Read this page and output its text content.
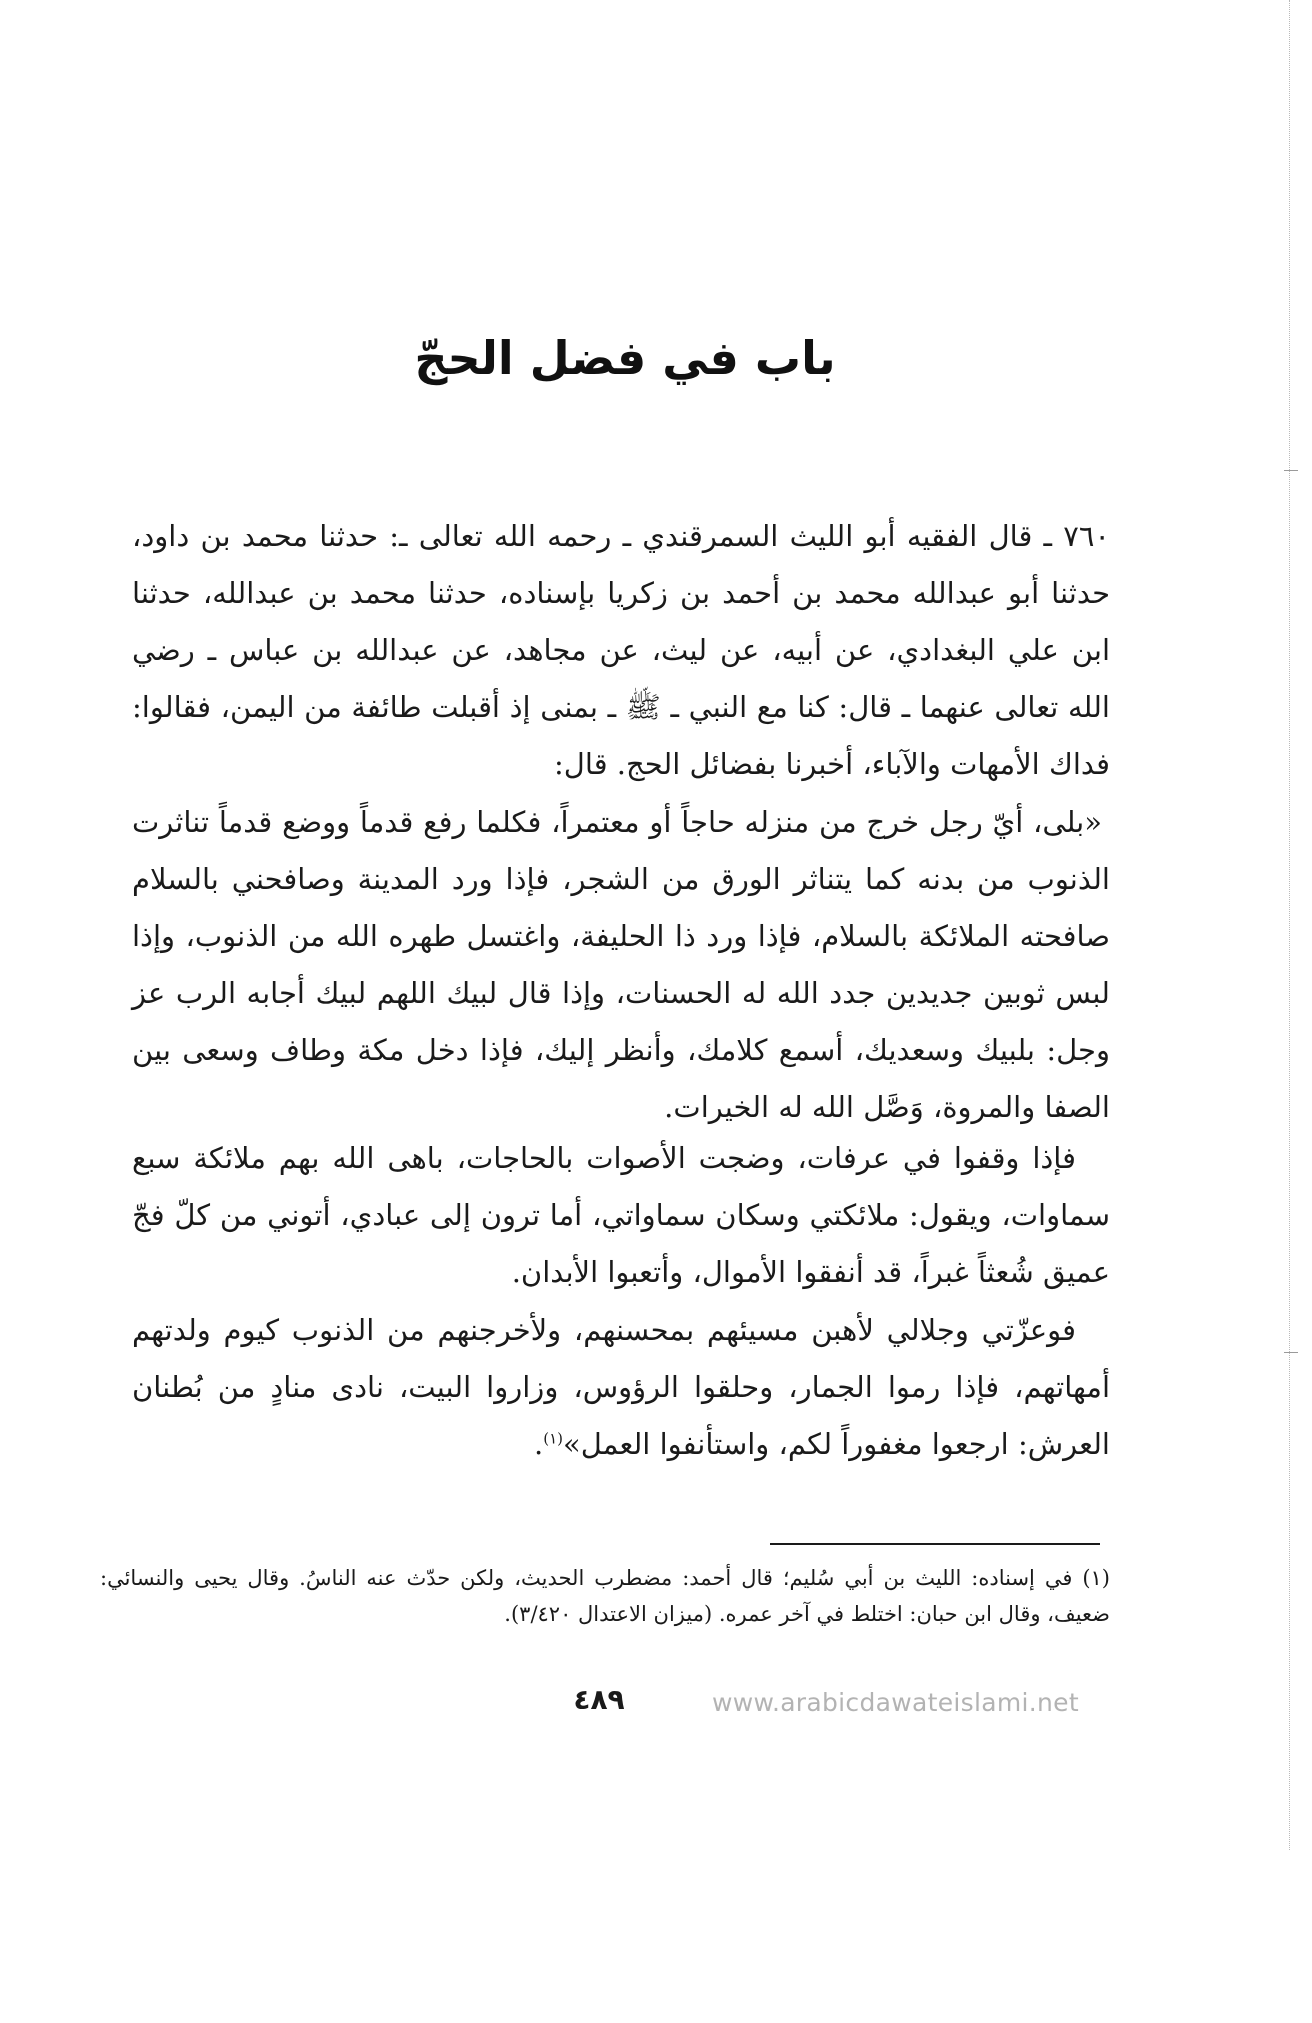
باب في فضل الحجّ

٧٦٠ ـ قال الفقيه أبو الليث السمرقندي ـ رحمه الله تعالى ـ: حدثنا محمد بن داود، حدثنا أبو عبدالله محمد بن أحمد بن زكريا بإسناده، حدثنا محمد بن عبدالله، حدثنا ابن علي البغدادي، عن أبيه، عن ليث، عن مجاهد، عن عبدالله بن عباس ـ رضي الله تعالى عنهما ـ قال: كنا مع النبي ـ ﷺ ـ بمنى إذ أقبلت طائفة من اليمن، فقالوا: فداك الأمهات والآباء، أخبرنا بفضائل الحج. قال:

«بلى، أيّ رجل خرج من منزله حاجاً أو معتمراً، فكلما رفع قدماً ووضع قدماً تناثرت الذنوب من بدنه كما يتناثر الورق من الشجر، فإذا ورد المدينة وصافحني بالسلام صافحته الملائكة بالسلام، فإذا ورد ذا الحليفة، واغتسل طهره الله من الذنوب، وإذا لبس ثوبين جديدين جدد الله له الحسنات، وإذا قال لبيك اللهم لبيك أجابه الرب عز وجل: بلبيك وسعديك، أسمع كلامك، وأنظر إليك، فإذا دخل مكة وطاف وسعى بين الصفا والمروة، وَصَّل الله له الخيرات.

فإذا وقفوا في عرفات، وضجت الأصوات بالحاجات، باهى الله بهم ملائكة سبع سماوات، ويقول: ملائكتي وسكان سماواتي، أما ترون إلى عبادي، أتوني من كلّ فجّ عميق شُعثاً غبراً، قد أنفقوا الأموال، وأتعبوا الأبدان.

فوعزّتي وجلالي لأهبن مسيئهم بمحسنهم، ولأخرجنهم من الذنوب كيوم ولدتهم أمهاتهم، فإذا رموا الجمار، وحلقوا الرؤوس، وزاروا البيت، نادى منادٍ من بُطنان العرش: ارجعوا مغفوراً لكم، واستأنفوا العمل»$^{(١)}$.

(١) في إسناده: الليث بن أبي سُليم؛ قال أحمد: مضطرب الحديث، ولكن حدّث عنه الناسُ. وقال يحيى والنسائي: ضعيف، وقال ابن حبان: اختلط في آخر عمره. (ميزان الاعتدال ٣/٤٢٠).

٤٨٩	www.arabicdawateislami.net
